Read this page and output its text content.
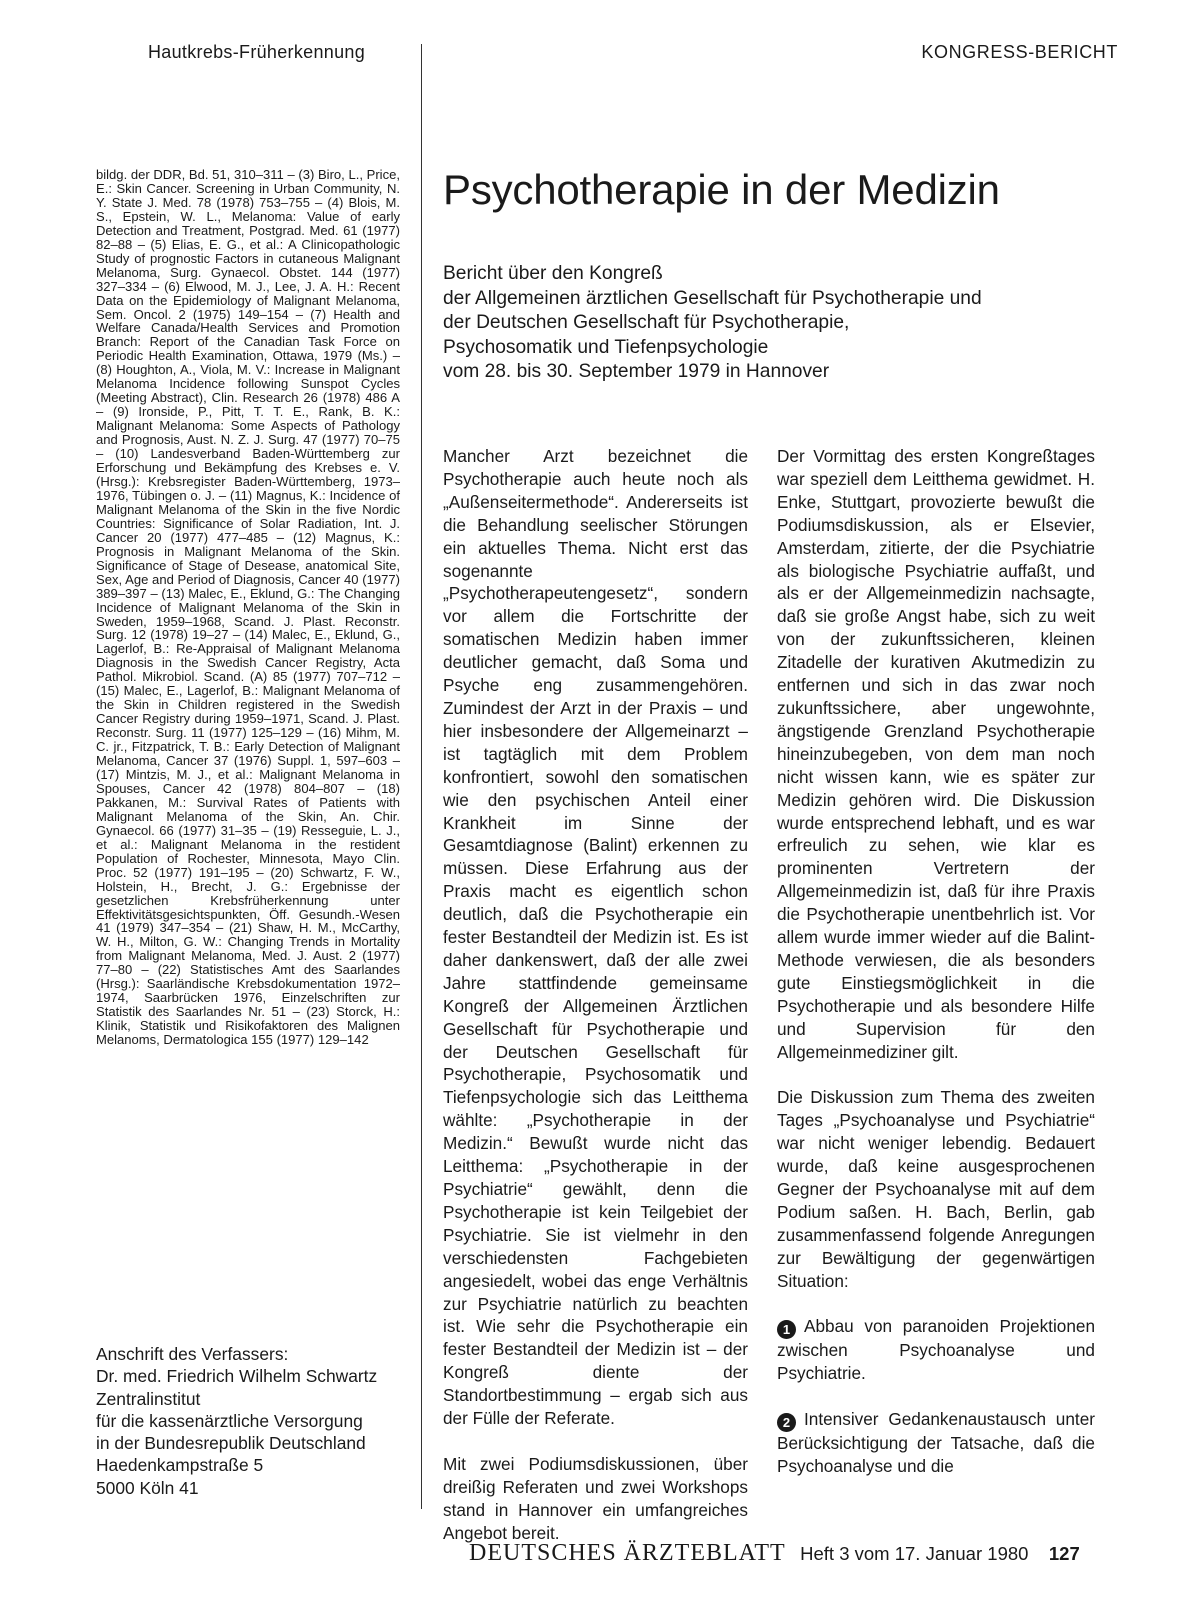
Hautkrebs-Früherkennung	KONGRESS-BERICHT

bildg. der DDR, Bd. 51, 310–311 – (3) Biro, L., Price, E.: Skin Cancer. Screening in Urban Community, N. Y. State J. Med. 78 (1978) 753–755 – (4) Blois, M. S., Epstein, W. L., Melanoma: Value of early Detection and Treatment, Postgrad. Med. 61 (1977) 82–88 – (5) Elias, E. G., et al.: A Clinicopathologic Study of prognostic Factors in cutaneous Malignant Melanoma, Surg. Gynaecol. Obstet. 144 (1977) 327–334 – (6) Elwood, M. J., Lee, J. A. H.: Recent Data on the Epidemiology of Malignant Melanoma, Sem. Oncol. 2 (1975) 149–154 – (7) Health and Welfare Canada/Health Services and Promotion Branch: Report of the Canadian Task Force on Periodic Health Examination, Ottawa, 1979 (Ms.) – (8) Houghton, A., Viola, M. V.: Increase in Malignant Melanoma Incidence following Sunspot Cycles (Meeting Abstract), Clin. Research 26 (1978) 486 A – (9) Ironside, P., Pitt, T. T. E., Rank, B. K.: Malignant Melanoma: Some Aspects of Pathology and Prognosis, Aust. N. Z. J. Surg. 47 (1977) 70–75 – (10) Landesverband Baden-Württemberg zur Erforschung und Bekämpfung des Krebses e. V. (Hrsg.): Krebsregister Baden-Württemberg, 1973–1976, Tübingen o. J. – (11) Magnus, K.: Incidence of Malignant Melanoma of the Skin in the five Nordic Countries: Significance of Solar Radiation, Int. J. Cancer 20 (1977) 477–485 – (12) Magnus, K.: Prognosis in Malignant Melanoma of the Skin. Significance of Stage of Desease, anatomical Site, Sex, Age and Period of Diagnosis, Cancer 40 (1977) 389–397 – (13) Malec, E., Eklund, G.: The Changing Incidence of Malignant Melanoma of the Skin in Sweden, 1959–1968, Scand. J. Plast. Reconstr. Surg. 12 (1978) 19–27 – (14) Malec, E., Eklund, G., Lagerlof, B.: Re-Appraisal of Malignant Melanoma Diagnosis in the Swedish Cancer Registry, Acta Pathol. Mikrobiol. Scand. (A) 85 (1977) 707–712 – (15) Malec, E., Lagerlof, B.: Malignant Melanoma of the Skin in Children registered in the Swedish Cancer Registry during 1959–1971, Scand. J. Plast. Reconstr. Surg. 11 (1977) 125–129 – (16) Mihm, M. C. jr., Fitzpatrick, T. B.: Early Detection of Malignant Melanoma, Cancer 37 (1976) Suppl. 1, 597–603 – (17) Mintzis, M. J., et al.: Malignant Melanoma in Spouses, Cancer 42 (1978) 804–807 – (18) Pakkanen, M.: Survival Rates of Patients with Malignant Melanoma of the Skin, An. Chir. Gynaecol. 66 (1977) 31–35 – (19) Resseguie, L. J., et al.: Malignant Melanoma in the restident Population of Rochester, Minnesota, Mayo Clin. Proc. 52 (1977) 191–195 – (20) Schwartz, F. W., Holstein, H., Brecht, J. G.: Ergebnisse der gesetzlichen Krebsfrüherkennung unter Effektivitätsgesichtspunkten, Öff. Gesundh.-Wesen 41 (1979) 347–354 – (21) Shaw, H. M., McCarthy, W. H., Milton, G. W.: Changing Trends in Mortality from Malignant Melanoma, Med. J. Aust. 2 (1977) 77–80 – (22) Statistisches Amt des Saarlandes (Hrsg.): Saarländische Krebsdokumentation 1972–1974, Saarbrücken 1976, Einzelschriften zur Statistik des Saarlandes Nr. 51 – (23) Storck, H.: Klinik, Statistik und Risikofaktoren des Malignen Melanoms, Dermatologica 155 (1977) 129–142

Anschrift des Verfassers:
Dr. med. Friedrich Wilhelm Schwartz
Zentralinstitut
für die kassenärztliche Versorgung
in der Bundesrepublik Deutschland
Haedenkampstraße 5
5000 Köln 41
Psychotherapie in der Medizin
Bericht über den Kongreß
der Allgemeinen ärztlichen Gesellschaft für Psychotherapie und
der Deutschen Gesellschaft für Psychotherapie,
Psychosomatik und Tiefenpsychologie
vom 28. bis 30. September 1979 in Hannover

Mancher Arzt bezeichnet die Psychotherapie auch heute noch als „Außenseitermethode“. Andererseits ist die Behandlung seelischer Störungen ein aktuelles Thema. Nicht erst das sogenannte „Psychotherapeutengesetz“, sondern vor allem die Fortschritte der somatischen Medizin haben immer deutlicher gemacht, daß Soma und Psyche eng zusammengehören. Zumindest der Arzt in der Praxis – und hier insbesondere der Allgemeinarzt – ist tagtäglich mit dem Problem konfrontiert, sowohl den somatischen wie den psychischen Anteil einer Krankheit im Sinne der Gesamtdiagnose (Balint) erkennen zu müssen. Diese Erfahrung aus der Praxis macht es eigentlich schon deutlich, daß die Psychotherapie ein fester Bestandteil der Medizin ist. Es ist daher dankenswert, daß der alle zwei Jahre stattfindende gemeinsame Kongreß der Allgemeinen Ärztlichen Gesellschaft für Psychotherapie und der Deutschen Gesellschaft für Psychotherapie, Psychosomatik und Tiefenpsychologie sich das Leitthema wählte: „Psychotherapie in der Medizin.“ Bewußt wurde nicht das Leitthema: „Psychotherapie in der Psychiatrie“ gewählt, denn die Psychotherapie ist kein Teilgebiet der Psychiatrie. Sie ist vielmehr in den verschiedensten Fachgebieten angesiedelt, wobei das enge Verhältnis zur Psychiatrie natürlich zu beachten ist. Wie sehr die Psychotherapie ein fester Bestandteil der Medizin ist – der Kongreß diente der Standortbestimmung – ergab sich aus der Fülle der Referate.

Mit zwei Podiumsdiskussionen, über dreißig Referaten und zwei Workshops stand in Hannover ein umfangreiches Angebot bereit.

Der Vormittag des ersten Kongreßtages war speziell dem Leitthema gewidmet. H. Enke, Stuttgart, provozierte bewußt die Podiumsdiskussion, als er Elsevier, Amsterdam, zitierte, der die Psychiatrie als biologische Psychiatrie auffaßt, und als er der Allgemeinmedizin nachsagte, daß sie große Angst habe, sich zu weit von der zukunftssicheren, kleinen Zitadelle der kurativen Akutmedizin zu entfernen und sich in das zwar noch zukunftssichere, aber ungewohnte, ängstigende Grenzland Psychotherapie hineinzubegeben, von dem man noch nicht wissen kann, wie es später zur Medizin gehören wird. Die Diskussion wurde entsprechend lebhaft, und es war erfreulich zu sehen, wie klar es prominenten Vertretern der Allgemeinmedizin ist, daß für ihre Praxis die Psychotherapie unentbehrlich ist. Vor allem wurde immer wieder auf die Balint-Methode verwiesen, die als besonders gute Einstiegsmöglichkeit in die Psychotherapie und als besondere Hilfe und Supervision für den Allgemeinmediziner gilt.

Die Diskussion zum Thema des zweiten Tages „Psychoanalyse und Psychiatrie“ war nicht weniger lebendig. Bedauert wurde, daß keine ausgesprochenen Gegner der Psychoanalyse mit auf dem Podium saßen. H. Bach, Berlin, gab zusammenfassend folgende Anregungen zur Bewältigung der gegenwärtigen Situation:

1 Abbau von paranoiden Projektionen zwischen Psychoanalyse und Psychiatrie.

2 Intensiver Gedankenaustausch unter Berücksichtigung der Tatsache, daß die Psychoanalyse und die

DEUTSCHES ÄRZTEBLATT Heft 3 vom 17. Januar 1980 127
